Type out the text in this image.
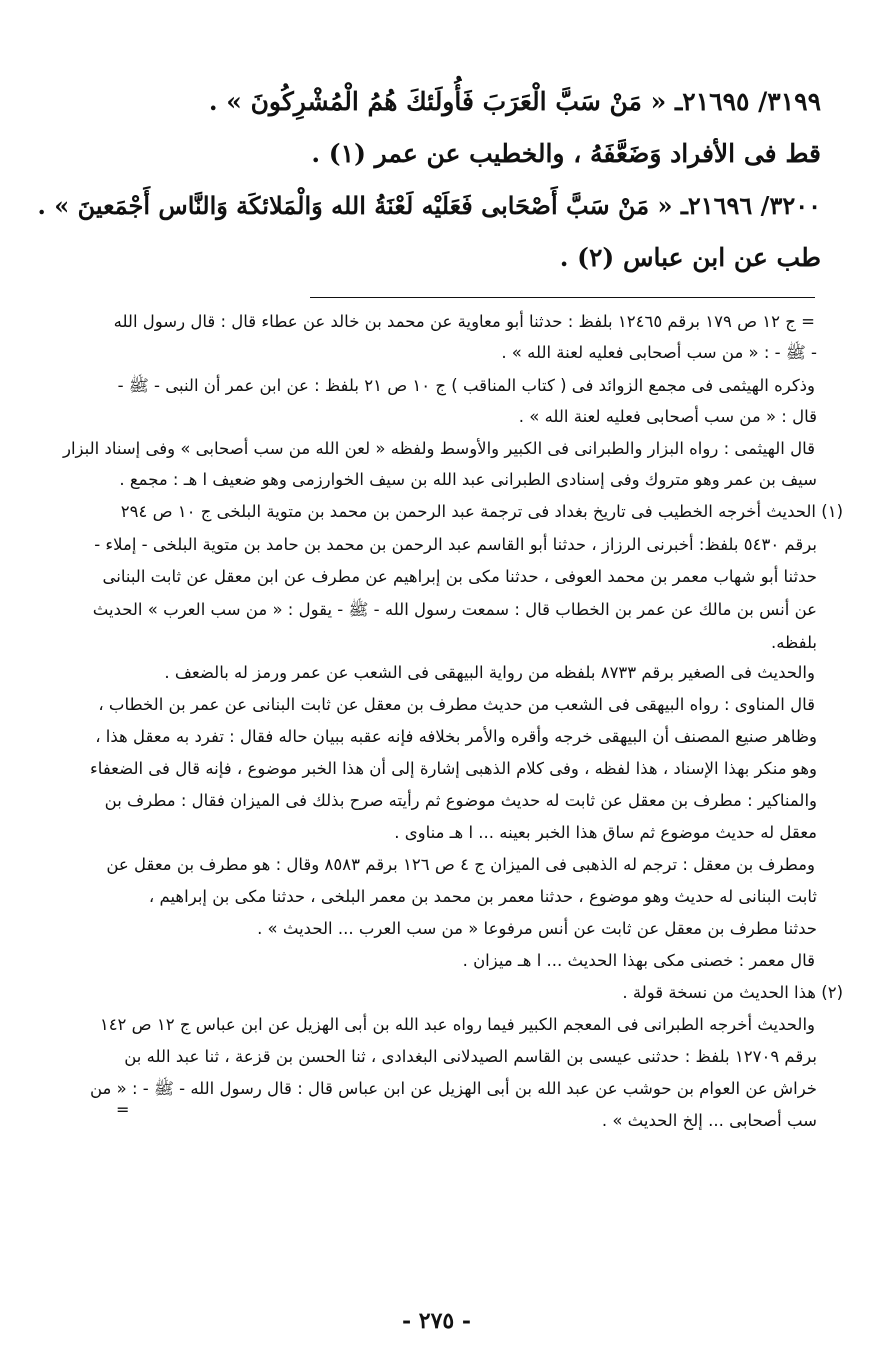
٣١٩٩/ ٢١٦٩٥ـ « مَنْ سَبَّ الْعَرَبَ فَأُولَئكَ هُمُ الْمُشْرِكُونَ » .
قط فى الأفراد وَضَعَّفَهُ ، والخطيب عن عمر (١) .
٣٢٠٠/ ٢١٦٩٦ـ « مَنْ سَبَّ أَصْحَابى فَعَلَيْه لَعْنَةُ الله وَالْمَلائكَة وَالنَّاس أَجْمَعينَ » .
طب عن ابن عباس (٢) .
= ج ١٢ ص ١٧٩ برقم ١٢٤٦٥ بلفظ : حدثنا أبو معاوية عن محمد بن خالد عن عطاء قال : قال رسول الله
- ﷺ - : « من سب أصحابى فعليه لعنة الله » .
وذكره الهيثمى فى مجمع الزوائد فى ( كتاب المناقب ) ج ١٠ ص ٢١ بلفظ : عن ابن عمر أن النبى - ﷺ -
قال : « من سب أصحابى فعليه لعنة الله » .
قال الهيثمى : رواه البزار والطبرانى فى الكبير والأوسط ولفظه « لعن الله من سب أصحابى » وفى إسناد البزار
سيف بن عمر وهو متروك وفى إسنادى الطبرانى عبد الله بن سيف الخوارزمى وهو ضعيف ا هـ : مجمع .
(١) الحديث أخرجه الخطيب فى تاريخ بغداد فى ترجمة عبد الرحمن بن محمد بن متوية البلخى ج ١٠ ص ٢٩٤
برقم ٥٤٣٠ بلفظ: أخبرنى الرزاز ، حدثنا أبو القاسم عبد الرحمن بن محمد بن حامد بن متوية البلخى - إملاء -
حدثنا أبو شهاب معمر بن محمد العوفى ، حدثنا مكى بن إبراهيم عن مطرف عن ابن معقل عن ثابت البنانى
عن أنس بن مالك عن عمر بن الخطاب قال : سمعت رسول الله - ﷺ - يقول : « من سب العرب » الحديث
بلفظه.
والحديث فى الصغير برقم ٨٧٣٣ بلفظه من رواية البيهقى فى الشعب عن عمر ورمز له بالضعف .
قال المناوى : رواه البيهقى فى الشعب من حديث مطرف بن معقل عن ثابت البنانى عن عمر بن الخطاب ،
وظاهر صنيع المصنف أن البيهقى خرجه وأقره والأمر بخلافه فإنه عقبه ببيان حاله فقال : تفرد به معقل هذا ،
وهو منكر بهذا الإسناد ، هذا لفظه ، وفى كلام الذهبى إشارة إلى أن هذا الخبر موضوع ، فإنه قال فى الضعفاء
والمناكير : مطرف بن معقل عن ثابت له حديث موضوع ثم رأيته صرح بذلك فى الميزان فقال : مطرف بن
معقل له حديث موضوع ثم ساق هذا الخبر بعينه ... ا هـ مناوى .
ومطرف بن معقل : ترجم له الذهبى فى الميزان ج ٤ ص ١٢٦ برقم ٨٥٨٣ وقال : هو مطرف بن معقل عن
ثابت البنانى له حديث وهو موضوع ، حدثنا معمر بن محمد بن معمر البلخى ، حدثنا مكى بن إبراهيم ،
حدثنا مطرف بن معقل عن ثابت عن أنس مرفوعا « من سب العرب ... الحديث » .
قال معمر : خصنى مكى بهذا الحديث ... ا هـ ميزان .
(٢) هذا الحديث من نسخة قولة .
والحديث أخرجه الطبرانى فى المعجم الكبير فيما رواه عبد الله بن أبى الهزيل عن ابن عباس ج ١٢ ص ١٤٢
برقم ١٢٧٠٩ بلفظ : حدثنى عيسى بن القاسم الصيدلانى البغدادى ، ثنا الحسن بن قزعة ، ثنا عبد الله بن
خراش عن العوام بن حوشب عن عبد الله بن أبى الهزيل عن ابن عباس قال : قال رسول الله - ﷺ - : « من
سب أصحابى ... إلخ الحديث » .
=
- ٢٧٥ -
